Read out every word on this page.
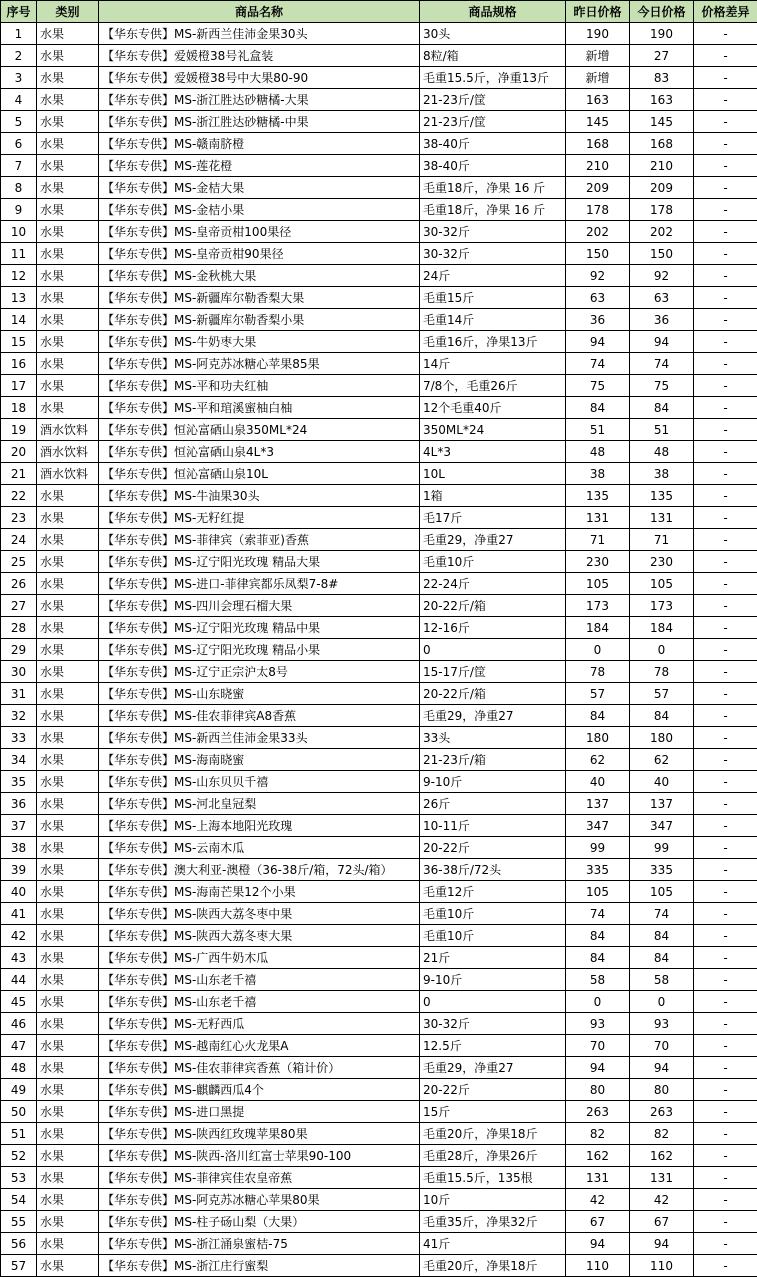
序号	类别	商品名称	商品规格	昨日价格	今日价格	价格差异
1	水果	【华东专供】MS-新西兰佳沛金果30头	30头	190	190	-
2	水果	【华东专供】爱媛橙38号礼盒装	8粒/箱	新增	27	-
3	水果	【华东专供】爱媛橙38号中大果80-90	毛重15.5斤，净重13斤	新增	83	-
4	水果	【华东专供】MS-浙江胜达砂糖橘-大果	21-23斤/筐	163	163	-
5	水果	【华东专供】MS-浙江胜达砂糖橘-中果	21-23斤/筐	145	145	-
6	水果	【华东专供】MS-赣南脐橙	38-40斤	168	168	-
7	水果	【华东专供】MS-莲花橙	38-40斤	210	210	-
8	水果	【华东专供】MS-金桔大果	毛重18斤，净果 16 斤	209	209	-
9	水果	【华东专供】MS-金桔小果	毛重18斤，净果 16 斤	178	178	-
10	水果	【华东专供】MS-皇帝贡柑100果径	30-32斤	202	202	-
11	水果	【华东专供】MS-皇帝贡柑90果径	30-32斤	150	150	-
12	水果	【华东专供】MS-金秋桃大果	24斤	92	92	-
13	水果	【华东专供】MS-新疆库尔勒香梨大果	毛重15斤	63	63	-
14	水果	【华东专供】MS-新疆库尔勒香梨小果	毛重14斤	36	36	-
15	水果	【华东专供】MS-牛奶枣大果	毛重16斤，净果13斤	94	94	-
16	水果	【华东专供】MS-阿克苏冰糖心苹果85果	14斤	74	74	-
17	水果	【华东专供】MS-平和功夫红柚	7/8个，毛重26斤	75	75	-
18	水果	【华东专供】MS-平和琯溪蜜柚白柚	12个毛重40斤	84	84	-
19	酒水饮料	【华东专供】恒沁富硒山泉350ML*24	350ML*24	51	51	-
20	酒水饮料	【华东专供】恒沁富硒山泉4L*3	4L*3	48	48	-
21	酒水饮料	【华东专供】恒沁富硒山泉10L	10L	38	38	-
22	水果	【华东专供】MS-牛油果30头	1箱	135	135	-
23	水果	【华东专供】MS-无籽红提	毛17斤	131	131	-
24	水果	【华东专供】MS-菲律宾（索菲亚)香蕉	毛重29，净重27	71	71	-
25	水果	【华东专供】MS-辽宁阳光玫瑰 精品大果	毛重10斤	230	230	-
26	水果	【华东专供】MS-进口-菲律宾都乐凤梨7-8#	22-24斤	105	105	-
27	水果	【华东专供】MS-四川会理石榴大果	20-22斤/箱	173	173	-
28	水果	【华东专供】MS-辽宁阳光玫瑰 精品中果	12-16斤	184	184	-
29	水果	【华东专供】MS-辽宁阳光玫瑰 精品小果	0	0	0	-
30	水果	【华东专供】MS-辽宁正宗沪太8号	15-17斤/筐	78	78	-
31	水果	【华东专供】MS-山东晓蜜	20-22斤/箱	57	57	-
32	水果	【华东专供】MS-佳农菲律宾A8香蕉	毛重29，净重27	84	84	-
33	水果	【华东专供】MS-新西兰佳沛金果33头	33头	180	180	-
34	水果	【华东专供】MS-海南晓蜜	21-23斤/箱	62	62	-
35	水果	【华东专供】MS-山东贝贝千禧	9-10斤	40	40	-
36	水果	【华东专供】MS-河北皇冠梨	26斤	137	137	-
37	水果	【华东专供】MS-上海本地阳光玫瑰	10-11斤	347	347	-
38	水果	【华东专供】MS-云南木瓜	20-22斤	99	99	-
39	水果	【华东专供】澳大利亚-澳橙（36-38斤/箱，72头/箱）	36-38斤/72头	335	335	-
40	水果	【华东专供】MS-海南芒果12个小果	毛重12斤	105	105	-
41	水果	【华东专供】MS-陕西大荔冬枣中果	毛重10斤	74	74	-
42	水果	【华东专供】MS-陕西大荔冬枣大果	毛重10斤	84	84	-
43	水果	【华东专供】MS-广西牛奶木瓜	21斤	84	84	-
44	水果	【华东专供】MS-山东老千禧	9-10斤	58	58	-
45	水果	【华东专供】MS-山东老千禧	0	0	0	-
46	水果	【华东专供】MS-无籽西瓜	30-32斤	93	93	-
47	水果	【华东专供】MS-越南红心火龙果A	12.5斤	70	70	-
48	水果	【华东专供】MS-佳农菲律宾香蕉（箱计价）	毛重29，净重27	94	94	-
49	水果	【华东专供】MS-麒麟西瓜4个	20-22斤	80	80	-
50	水果	【华东专供】MS-进口黑提	15斤	263	263	-
51	水果	【华东专供】MS-陕西红玫瑰苹果80果	毛重20斤，净果18斤	82	82	-
52	水果	【华东专供】MS-陕西-洛川红富士苹果90-100	毛重28斤，净果26斤	162	162	-
53	水果	【华东专供】MS-菲律宾佳农皇帝蕉	毛重15.5斤，135根	131	131	-
54	水果	【华东专供】MS-阿克苏冰糖心苹果80果	10斤	42	42	-
55	水果	【华东专供】MS-柱子砀山梨（大果）	毛重35斤，净果32斤	67	67	-
56	水果	【华东专供】MS-浙江涌泉蜜桔-75	41斤	94	94	-
57	水果	【华东专供】MS-浙江庄行蜜梨	毛重20斤，净果18斤	110	110	-
